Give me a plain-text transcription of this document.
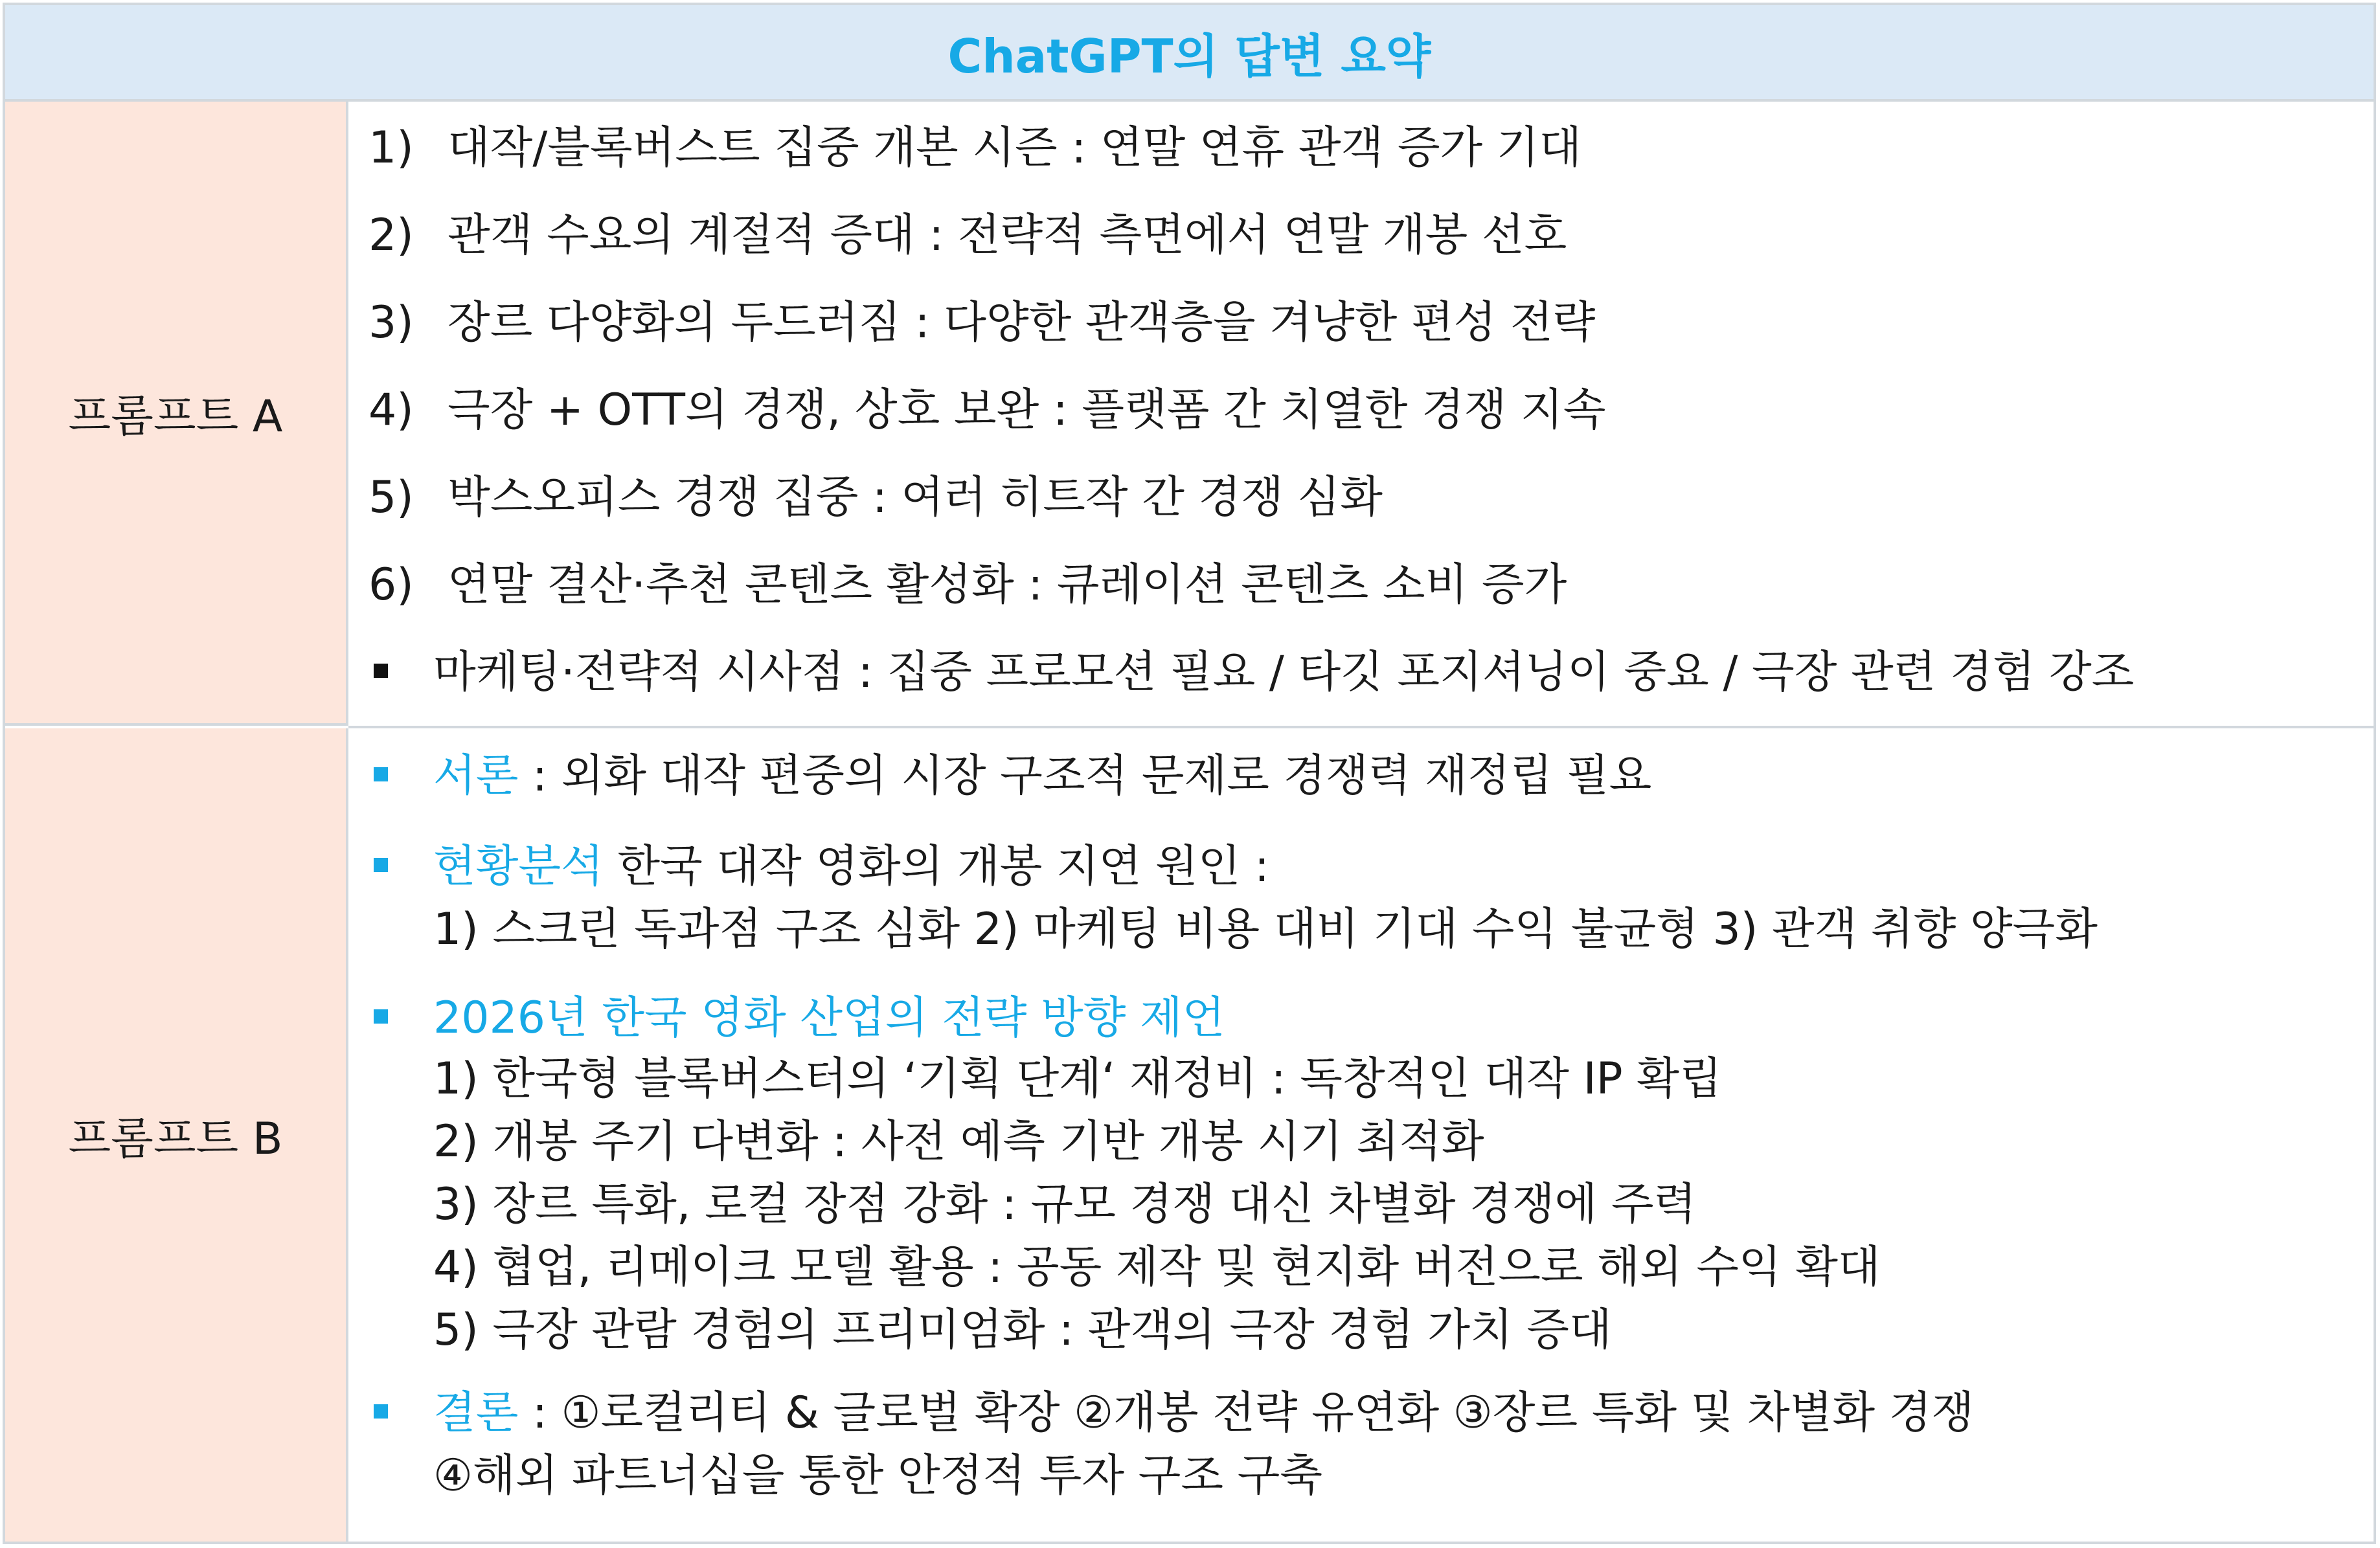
ChatGPT의 답변 요약
프롬프트 A
1) 대작/블록버스트 집중 개본 시즌 : 연말 연휴 관객 증가 기대
2) 관객 수요의 계절적 증대 : 전략적 측면에서 연말 개봉 선호
3) 장르 다양화의 두드러짐 : 다양한 관객층을 겨냥한 편성 전략
4) 극장 + OTT의 경쟁, 상호 보완 : 플랫폼 간 치열한 경쟁 지속
5) 박스오피스 경쟁 집중 : 여러 히트작 간 경쟁 심화
6) 연말 결산·추천 콘텐츠 활성화 : 큐레이션 콘텐츠 소비 증가
마케팅·전략적 시사점 : 집중 프로모션 필요 / 타깃 포지셔닝이 중요 / 극장 관련 경험 강조
프롬프트 B
서론 : 외화 대작 편중의 시장 구조적 문제로 경쟁력 재정립 필요
현황분석 한국 대작 영화의 개봉 지연 원인 :
1) 스크린 독과점 구조 심화 2) 마케팅 비용 대비 기대 수익 불균형 3) 관객 취향 양극화
2026년 한국 영화 산업의 전략 방향 제언
1) 한국형 블록버스터의 ‘기획 단계‘ 재정비 : 독창적인 대작 IP 확립
2) 개봉 주기 다변화 : 사전 예측 기반 개봉 시기 최적화
3) 장르 특화, 로컬 장점 강화 : 규모 경쟁 대신 차별화 경쟁에 주력
4) 협업, 리메이크 모델 활용 : 공동 제작 및 현지화 버전으로 해외 수익 확대
5) 극장 관람 경험의 프리미엄화 : 관객의 극장 경험 가치 증대
결론 : ①로컬리티 & 글로벌 확장 ②개봉 전략 유연화 ③장르 특화 및 차별화 경쟁
④해외 파트너십을 통한 안정적 투자 구조 구축
